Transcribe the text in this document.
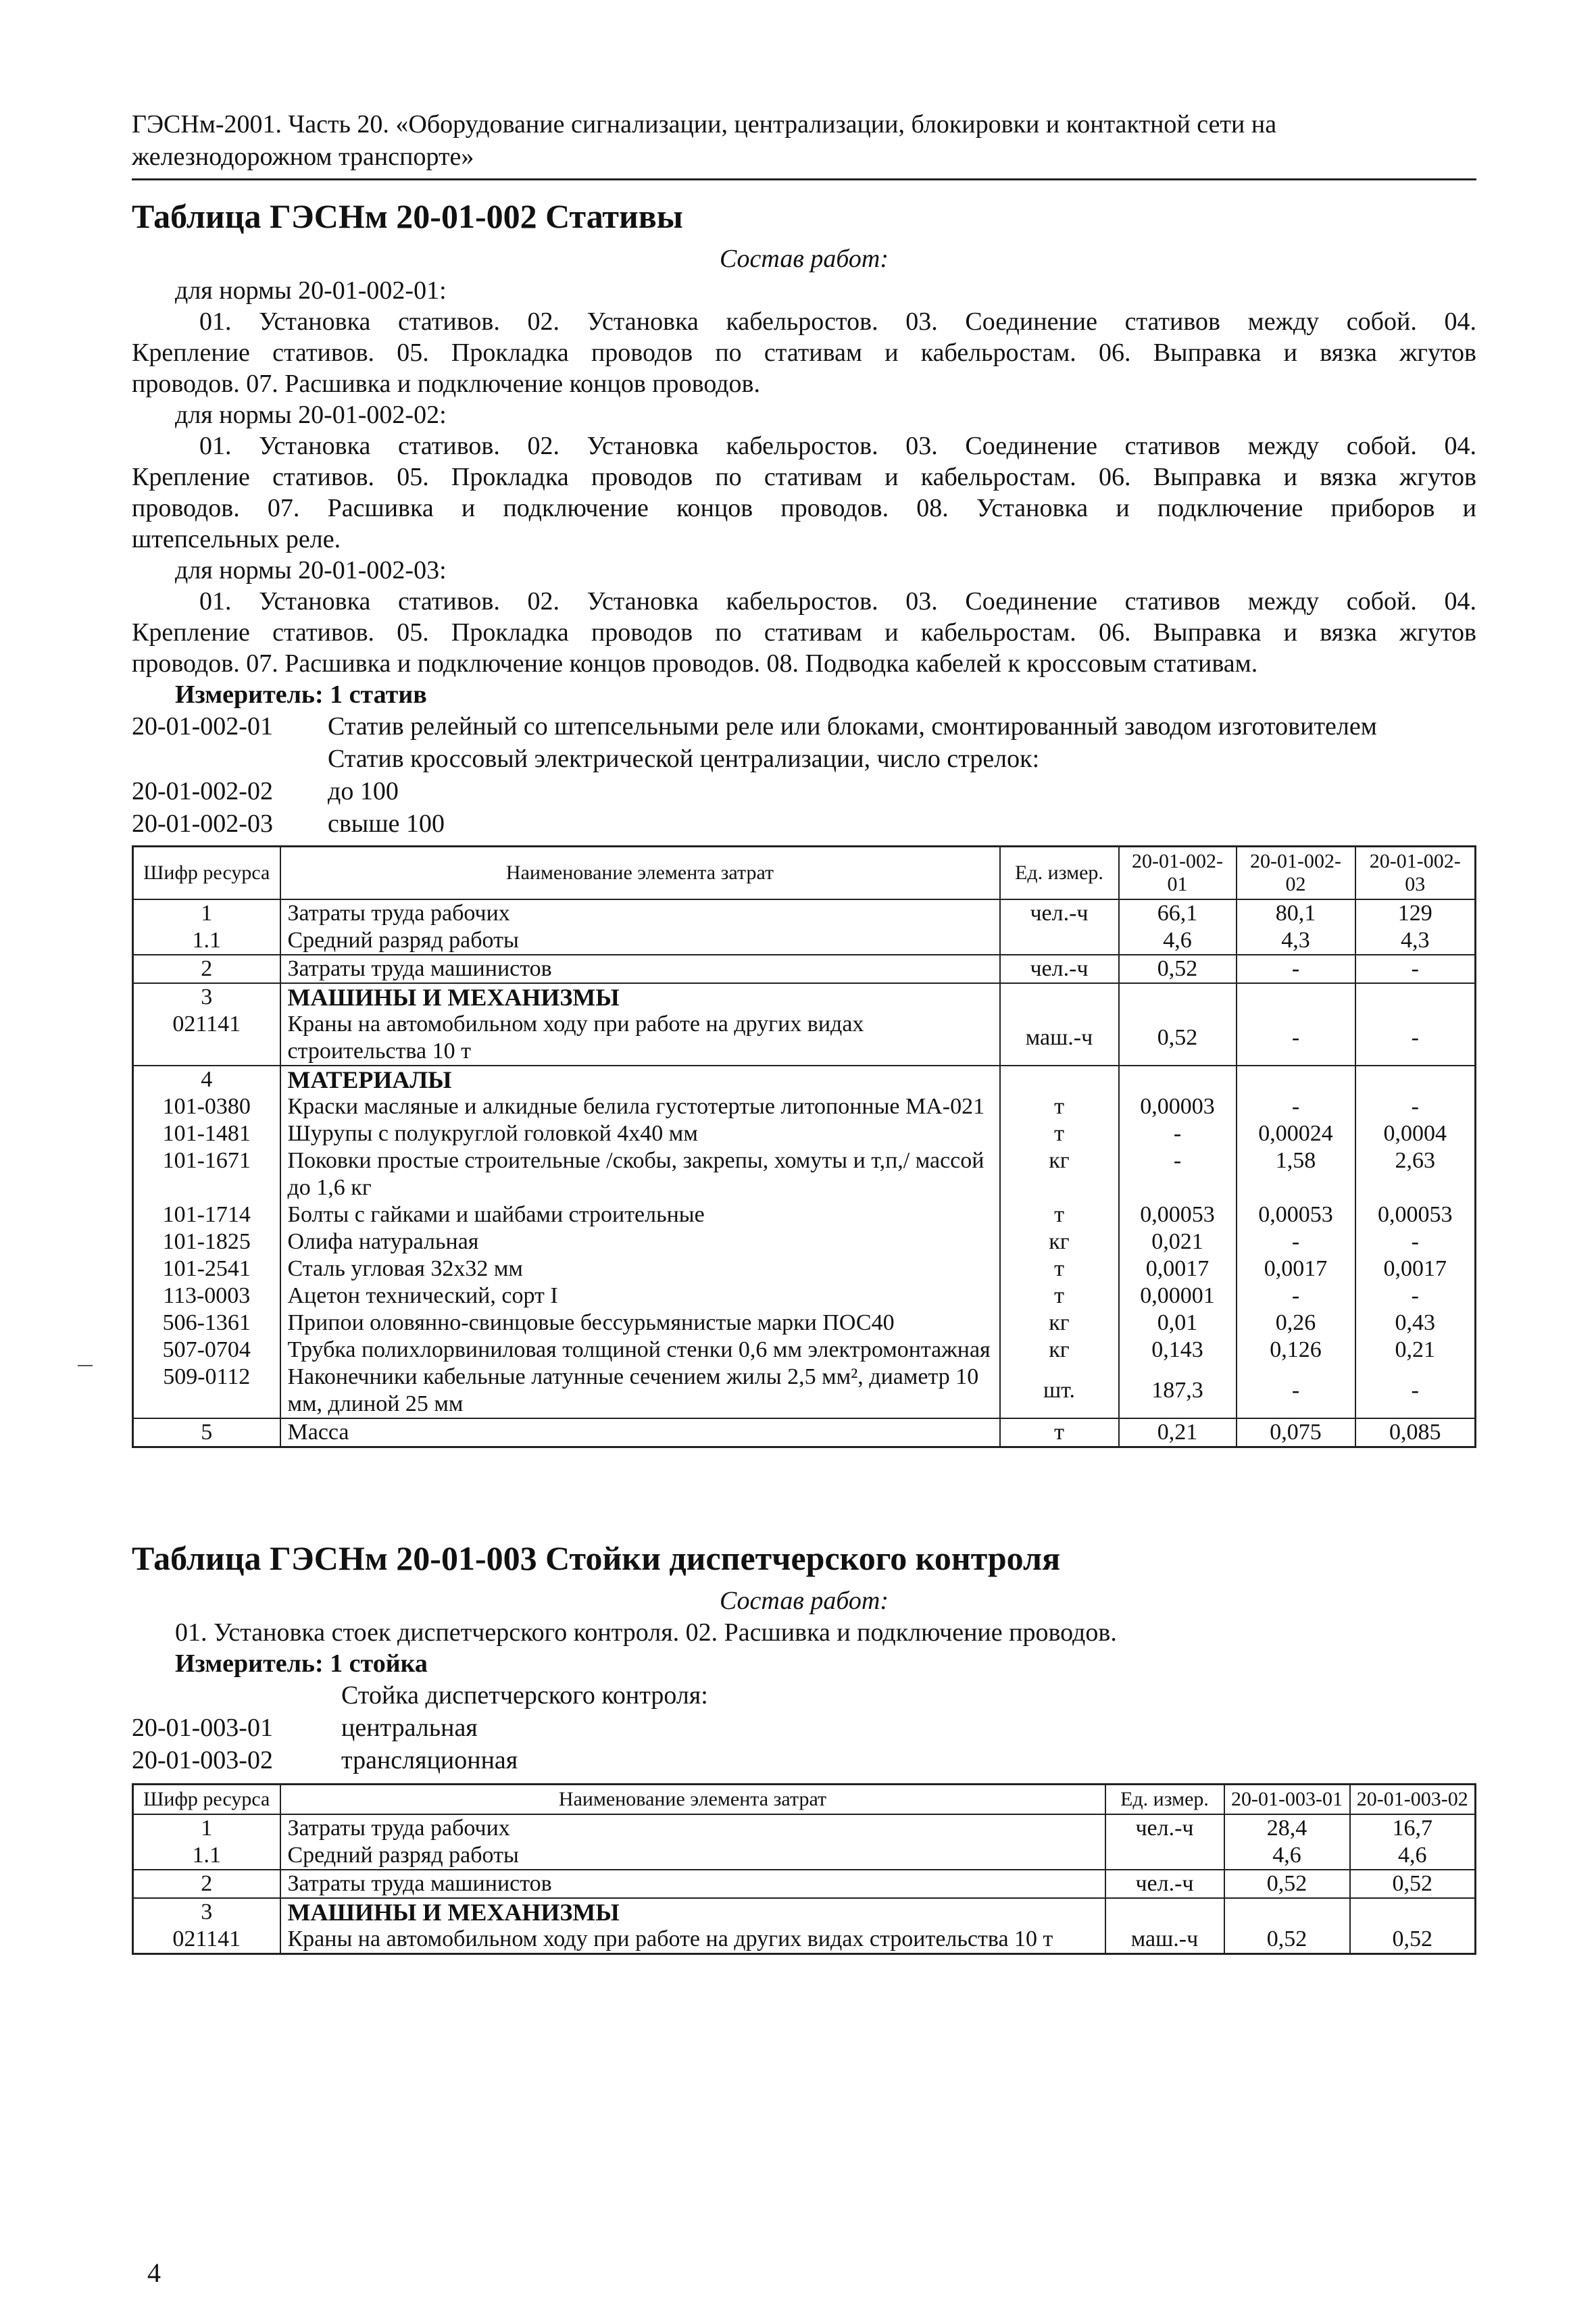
ГЭСНм-2001. Часть 20. «Оборудование сигнализации, централизации, блокировки и контактной сети на
железнодорожном транспорте»
Таблица ГЭСНм 20-01-002 Стативы
Состав работ:
для нормы 20-01-002-01:
01. Установка стативов. 02. Установка кабельростов. 03. Соединение стативов между собой. 04.
Крепление стативов. 05. Прокладка проводов по стативам и кабельростам. 06. Выправка и вязка жгутов
проводов. 07. Расшивка и подключение концов проводов.
для нормы 20-01-002-02:
01. Установка стативов. 02. Установка кабельростов. 03. Соединение стативов между собой. 04.
Крепление стативов. 05. Прокладка проводов по стативам и кабельростам. 06. Выправка и вязка жгутов
проводов. 07. Расшивка и подключение концов проводов. 08. Установка и подключение приборов и
штепсельных реле.
для нормы 20-01-002-03:
01. Установка стативов. 02. Установка кабельростов. 03. Соединение стативов между собой. 04.
Крепление стативов. 05. Прокладка проводов по стативам и кабельростам. 06. Выправка и вязка жгутов
проводов. 07. Расшивка и подключение концов проводов. 08. Подводка кабелей к кроссовым стативам.
Измеритель: 1 статив
20-01-002-01	Статив релейный со штепсельными реле или блоками, смонтированный заводом изготовителем
Статив кроссовый электрической централизации, число стрелок:
20-01-002-02	до 100
20-01-002-03	свыше 100
Шифр ресурса	Наименование элемента затрат	Ед. измер.	20-01-002-01	20-01-002-02	20-01-002-03
1	Затраты труда рабочих	чел.-ч	66,1	80,1	129
1.1	Средний разряд работы		4,6	4,3	4,3
2	Затраты труда машинистов	чел.-ч	0,52	-	-
3	МАШИНЫ И МЕХАНИЗМЫ				
021141	Краны на автомобильном ходу при работе на других видах строительства 10 т	маш.-ч	0,52	-	-
4	МАТЕРИАЛЫ				
101-0380	Краски масляные и алкидные белила густотертые литопонные МА-021	т	0,00003	-	-
101-1481	Шурупы с полукруглой головкой 4x40 мм	т	-	0,00024	0,0004
101-1671	Поковки простые строительные /скобы, закрепы, хомуты и т,п,/ массой до 1,6 кг	кг	-	1,58	2,63
101-1714	Болты с гайками и шайбами строительные	т	0,00053	0,00053	0,00053
101-1825	Олифа натуральная	кг	0,021	-	-
101-2541	Сталь угловая 32x32 мм	т	0,0017	0,0017	0,0017
113-0003	Ацетон технический, сорт I	т	0,00001	-	-
506-1361	Припои оловянно-свинцовые бессурьмянистые марки ПОС40	кг	0,01	0,26	0,43
507-0704	Трубка полихлорвиниловая толщиной стенки 0,6 мм электромонтажная	кг	0,143	0,126	0,21
509-0112	Наконечники кабельные латунные сечением жилы 2,5 мм², диаметр 10 мм, длиной 25 мм	шт.	187,3	-	-
5	Масса	т	0,21	0,075	0,085
Таблица ГЭСНм 20-01-003 Стойки диспетчерского контроля
Состав работ:
01. Установка стоек диспетчерского контроля. 02. Расшивка и подключение проводов.
Измеритель: 1 стойка
Стойка диспетчерского контроля:
20-01-003-01	центральная
20-01-003-02	трансляционная
Шифр ресурса	Наименование элемента затрат	Ед. измер.	20-01-003-01	20-01-003-02
1	Затраты труда рабочих	чел.-ч	28,4	16,7
1.1	Средний разряд работы		4,6	4,6
2	Затраты труда машинистов	чел.-ч	0,52	0,52
3	МАШИНЫ И МЕХАНИЗМЫ			
021141	Краны на автомобильном ходу при работе на других видах строительства 10 т	маш.-ч	0,52	0,52
4
